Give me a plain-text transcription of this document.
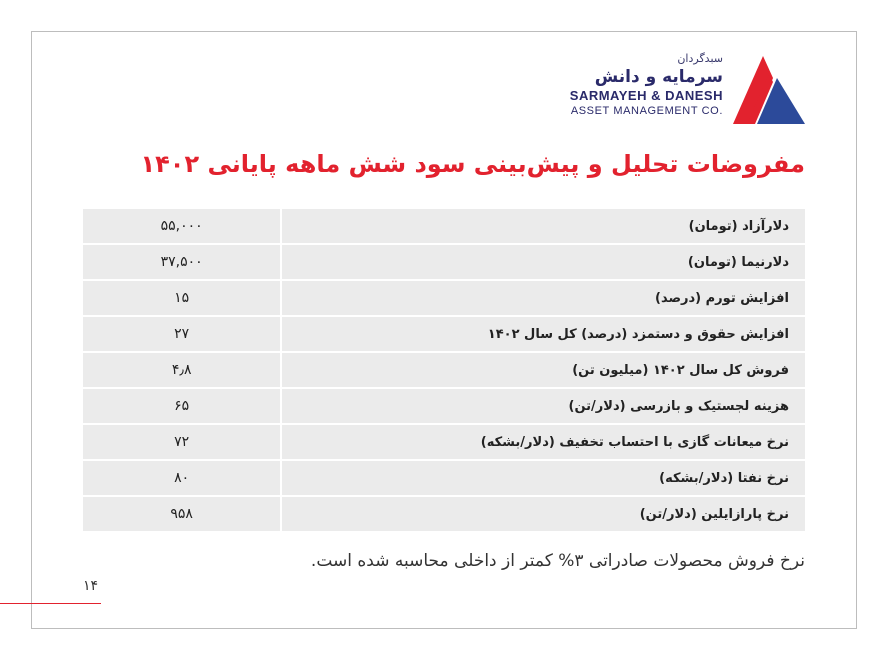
سبدگردان
سرمایه و دانش
SARMAYEH & DANESH
ASSET MANAGEMENT CO.
مفروضات تحلیل و پیش‌بینی سود شش ماهه پایانی ۱۴۰۲
دلارآزاد (تومان)	۵۵,۰۰۰
دلارنیما (تومان)	۳۷,۵۰۰
افزایش تورم (درصد)	۱۵
افزایش حقوق و دستمزد (درصد) کل سال ۱۴۰۲	۲۷
فروش کل سال ۱۴۰۲ (میلیون تن)	۴٫۸
هزینه لجستیک و بازرسی (دلار/تن)	۶۵
نرخ میعانات گازی با احتساب تخفیف (دلار/بشکه)	۷۲
نرخ نفتا (دلار/بشکه)	۸۰
نرخ پارازایلین (دلار/تن)	۹۵۸
نرخ فروش محصولات صادراتی ۳% کمتر از داخلی محاسبه شده است.
۱۴
